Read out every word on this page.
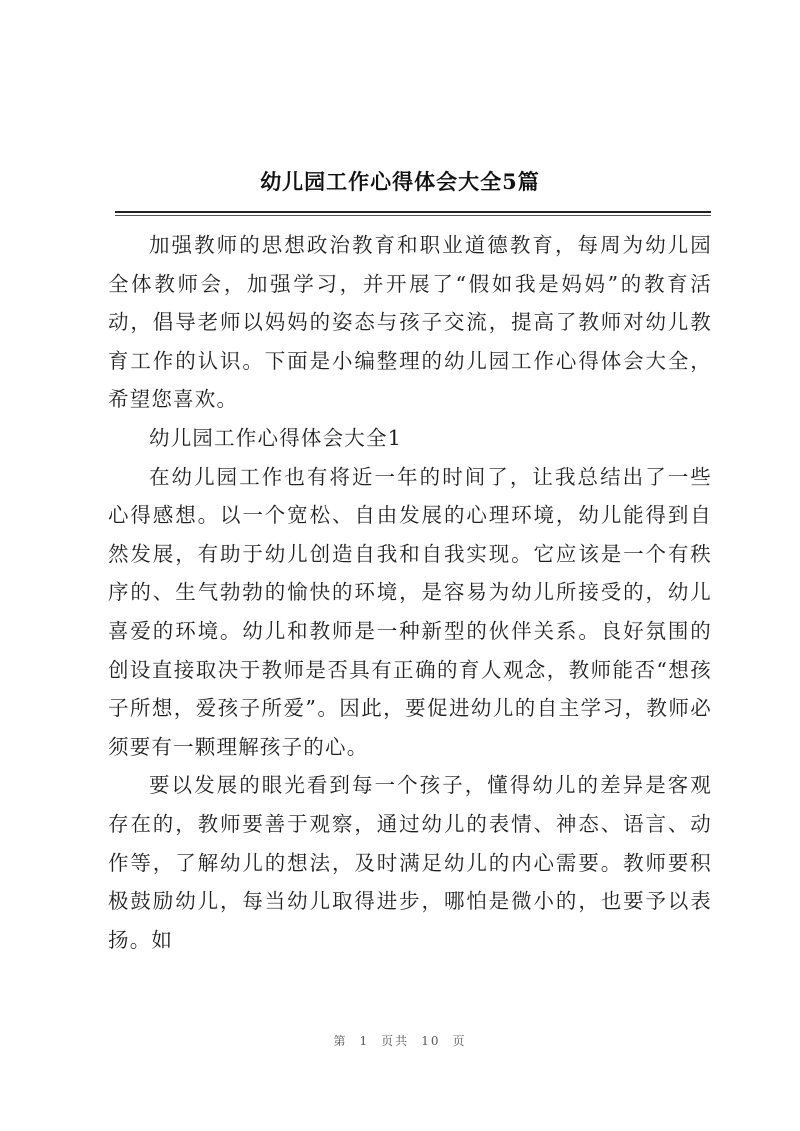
幼儿园工作心得体会大全5篇

加强教师的思想政治教育和职业道德教育，每周为幼儿园全体教师会，加强学习，并开展了“假如我是妈妈”的教育活动，倡导老师以妈妈的姿态与孩子交流，提高了教师对幼儿教育工作的认识。下面是小编整理的幼儿园工作心得体会大全，希望您喜欢。

幼儿园工作心得体会大全1

在幼儿园工作也有将近一年的时间了，让我总结出了一些心得感想。以一个宽松、自由发展的心理环境，幼儿能得到自然发展，有助于幼儿创造自我和自我实现。它应该是一个有秩序的、生气勃勃的愉快的环境，是容易为幼儿所接受的，幼儿喜爱的环境。幼儿和教师是一种新型的伙伴关系。良好氛围的创设直接取决于教师是否具有正确的育人观念，教师能否“想孩子所想，爱孩子所爱”。因此，要促进幼儿的自主学习，教师必须要有一颗理解孩子的心。

要以发展的眼光看到每一个孩子，懂得幼儿的差异是客观存在的，教师要善于观察，通过幼儿的表情、神态、语言、动作等，了解幼儿的想法，及时满足幼儿的内心需要。教师要积极鼓励幼儿，每当幼儿取得进步，哪怕是微小的，也要予以表扬。如

第 1 页共 10 页
